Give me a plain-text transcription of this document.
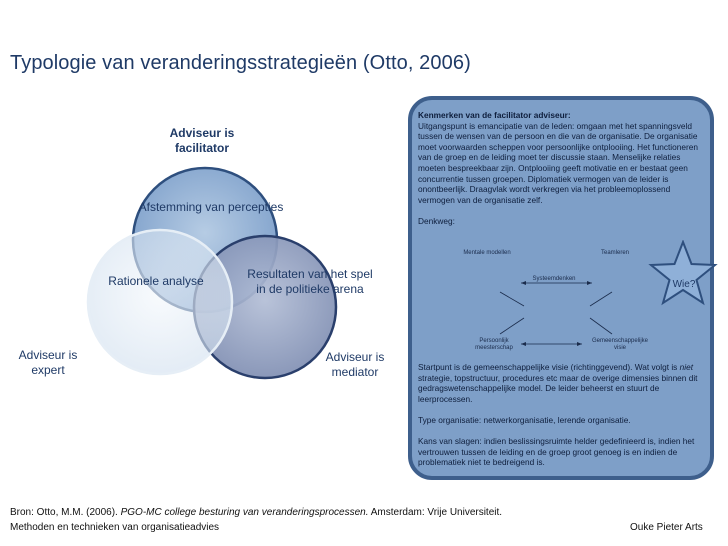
Typologie van veranderingsstrategieën (Otto, 2006)
Adviseur is
facilitator
Adviseur is
expert
Adviseur is
mediator
Afstemming van percepties
Rationele analyse	Resultaten van het spel
in de politieke arena
Kenmerken van de facilitator adviseur:
Uitgangspunt is emancipatie van de leden: omgaan met het spanningsveld tussen de wensen van de persoon en die van de organisatie. De organisatie moet voorwaarden scheppen voor persoonlijke ontplooiing. Het functioneren van de groep en de leiding moet ter discussie staan. Menselijke relaties moeten bespreekbaar zijn. Ontplooiing geeft motivatie en er bestaat geen concurrentie tussen groepen. Diplomatiek vermogen van de leider is onontbeerlijk. Draagvlak wordt verkregen via het probleemoplossend vermogen van de organisatie zelf.

Denkweg:
Mentale modellen	Teamleren
Systeemdenken
Persoonlijk
meesterschap
Gemeenschappelijke
visie
Startpunt is de gemeenschappelijke visie (richtinggevend). Wat volgt is niet strategie, topstructuur, procedures etc maar de overige dimensies binnen dit gedragswetenschappelijke model. De leider beheerst en stuurt de leerprocessen.

Type organisatie: netwerkorganisatie, lerende organisatie.

Kans van slagen: indien beslissingsruimte helder gedefinieerd is, indien het vertrouwen tussen de leiding en de groep groot genoeg is en indien de problematiek niet te bedreigend is.
Wie?
Bron: Otto, M.M. (2006). PGO-MC college besturing van veranderingsprocessen. Amsterdam: Vrije Universiteit.
Methoden en technieken van organisatieadvies	Ouke Pieter Arts
